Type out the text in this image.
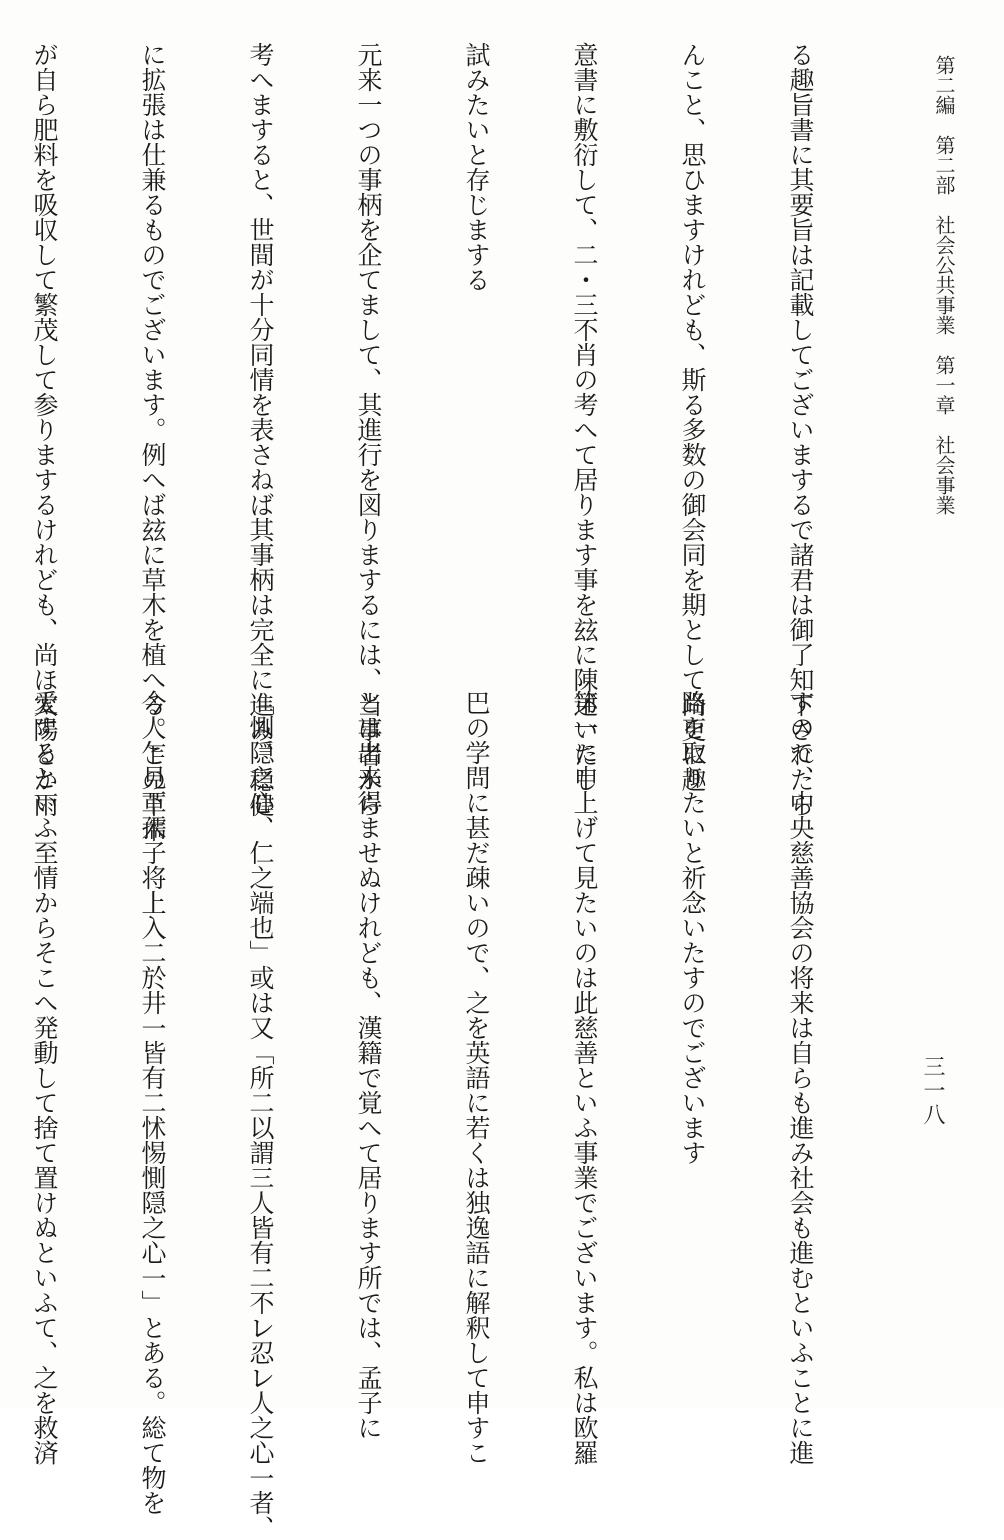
第二編　第二部　社会公共事業　第一章　社会事業
三一八

る趣旨書に其要旨は記載してございまするで諸君は御了知下されたら

んこと、思ひますけれども、斯る多数の御会同を期として尚更に趣

意書に敷衍して、二・三不肖の考へて居ります事を玆に陳述いたし

試みたいと存じまする

元来一つの事柄を企てまして、其進行を図りまするには、当事者から

考へますると、世間が十分同情を表さねば其事柄は完全に進み、穏健

に拡張は仕兼るものでございます。例へば玆に草木を植へる。この草木

が自ら肥料を吸収して繁茂して参りまするけれども、尚ほ太陽とか雨

すので、中央慈善協会の将来は自らも進み社会も進むといふことに進

路を取りたいと祈念いたすのでございます

第一に申上げて見たいのは此慈善といふ事業でございます。私は欧羅

巴の学問に甚だ疎いので、之を英語に若くは独逸語に解釈して申すこ

とは出来得ませぬけれども、漢籍で覚へて居ります所では、孟子に

「惻隠之心、仁之端也」或は又「所㆓以謂㆔人皆有㆓不㆑忍㆑人之心㆒者、

今人乍見㆘孺子将㆖入㆓於井㆒皆有㆓怵惕惻隠之心㆒」とある。総て物を

愛するといふ至情からそこへ発動して捨て置けぬといふて、之を救済
